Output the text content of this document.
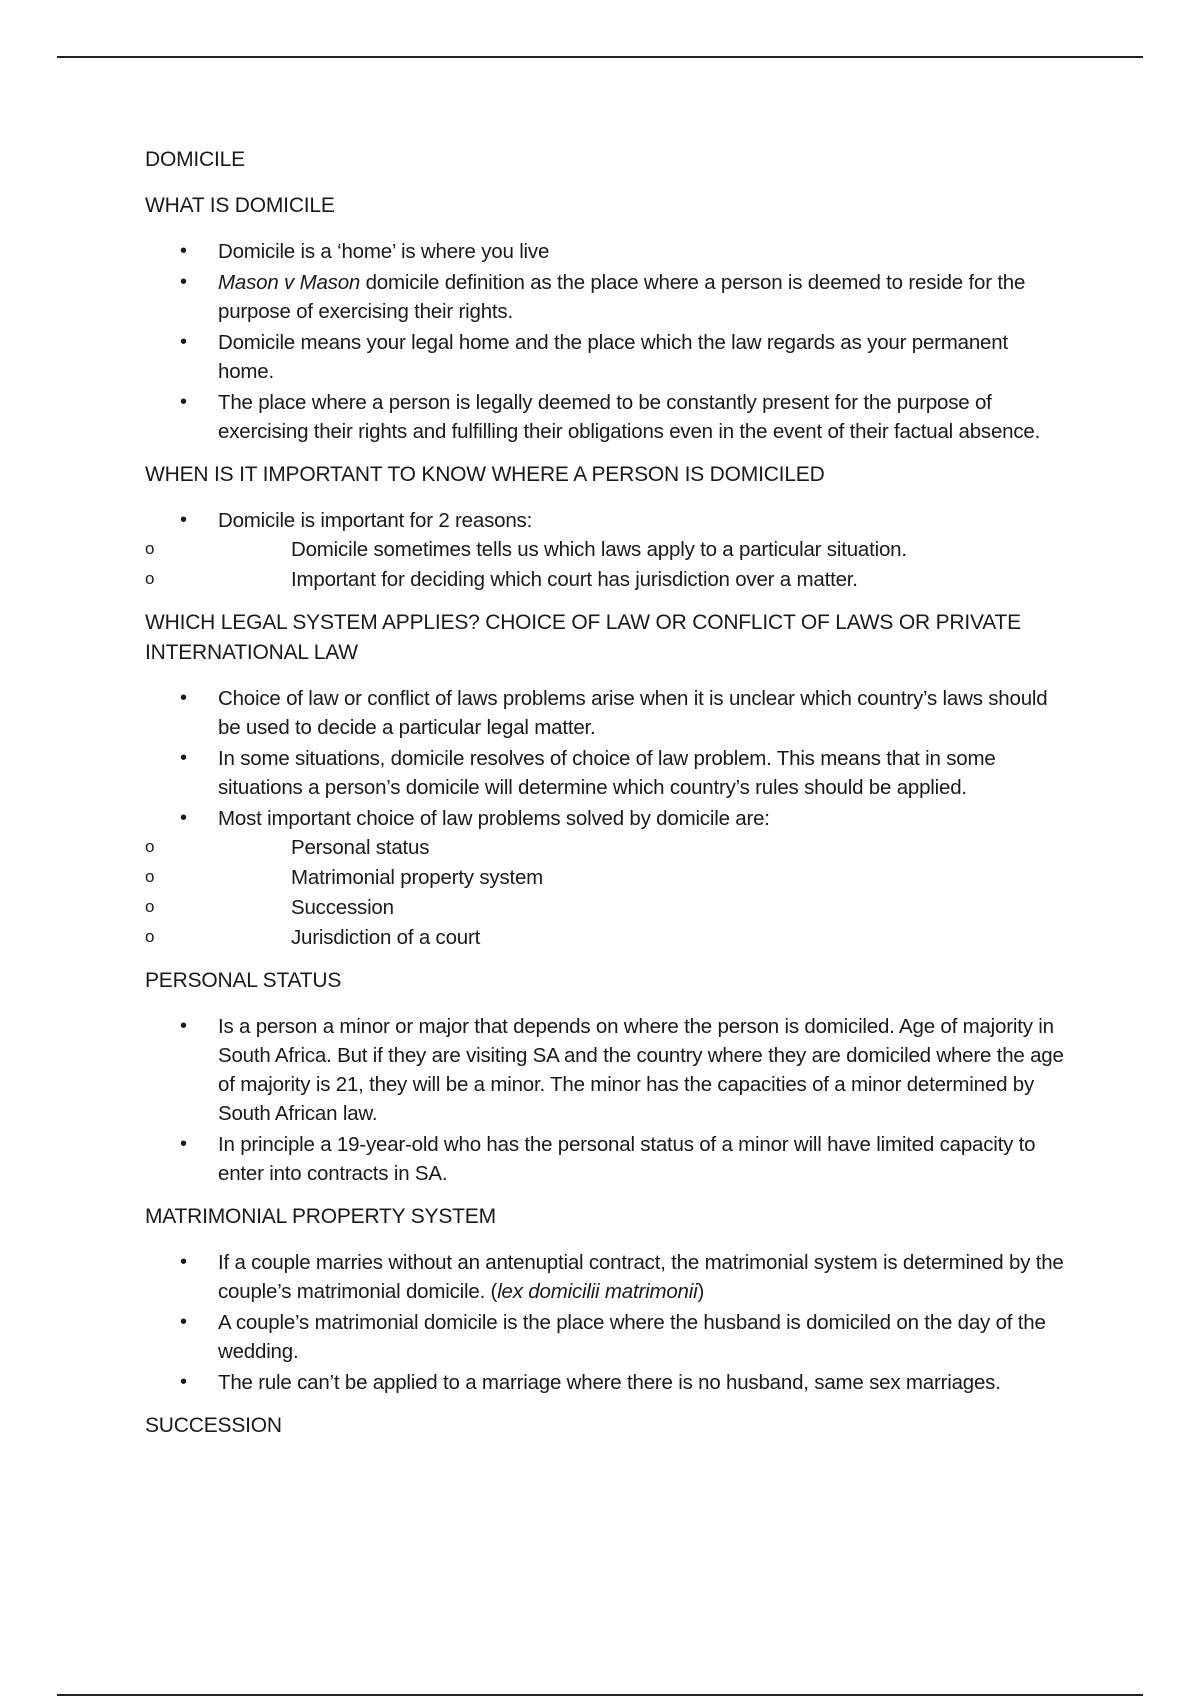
DOMICILE
WHAT IS DOMICILE
• Domicile is a ‘home’ is where you live
• Mason v Mason domicile definition as the place where a person is deemed to reside for the purpose of exercising their rights.
• Domicile means your legal home and the place which the law regards as your permanent home.
• The place where a person is legally deemed to be constantly present for the purpose of exercising their rights and fulfilling their obligations even in the event of their factual absence.
WHEN IS IT IMPORTANT TO KNOW WHERE A PERSON IS DOMICILED
• Domicile is important for 2 reasons:
o Domicile sometimes tells us which laws apply to a particular situation.
o Important for deciding which court has jurisdiction over a matter.
WHICH LEGAL SYSTEM APPLIES? CHOICE OF LAW OR CONFLICT OF LAWS OR PRIVATE INTERNATIONAL LAW
• Choice of law or conflict of laws problems arise when it is unclear which country’s laws should be used to decide a particular legal matter.
• In some situations, domicile resolves of choice of law problem. This means that in some situations a person’s domicile will determine which country’s rules should be applied.
• Most important choice of law problems solved by domicile are:
o Personal status
o Matrimonial property system
o Succession
o Jurisdiction of a court
PERSONAL STATUS
• Is a person a minor or major that depends on where the person is domiciled. Age of majority in South Africa. But if they are visiting SA and the country where they are domiciled where the age of majority is 21, they will be a minor. The minor has the capacities of a minor determined by South African law.
• In principle a 19-year-old who has the personal status of a minor will have limited capacity to enter into contracts in SA.
MATRIMONIAL PROPERTY SYSTEM
• If a couple marries without an antenuptial contract, the matrimonial system is determined by the couple’s matrimonial domicile. (lex domicilii matrimonii)
• A couple’s matrimonial domicile is the place where the husband is domiciled on the day of the wedding.
• The rule can’t be applied to a marriage where there is no husband, same sex marriages.
SUCCESSION
